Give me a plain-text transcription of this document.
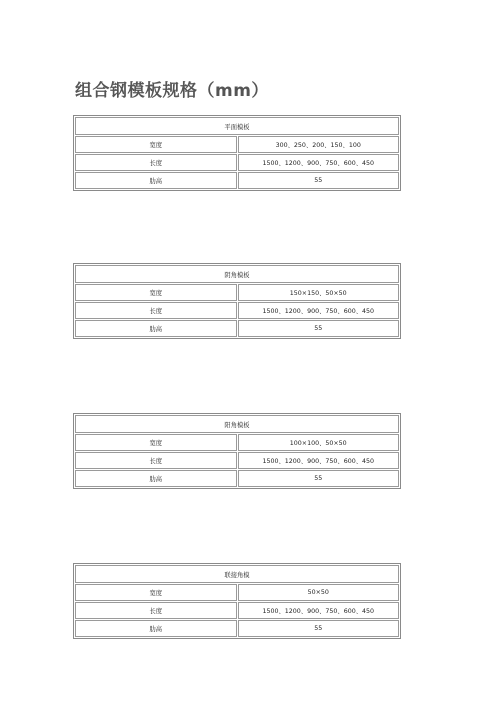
组合钢模板规格（mm）
平面模板	
宽度	300、250、200、150、100
长度	1500、1200、900、750、600、450
肋高	55
阴角模板	
宽度	150×150、50×50
长度	1500、1200、900、750、600、450
肋高	55
阳角模板	
宽度	100×100、50×50
长度	1500、1200、900、750、600、450
肋高	55
联接角模	
宽度	50×50
长度	1500、1200、900、750、600、450
肋高	55
